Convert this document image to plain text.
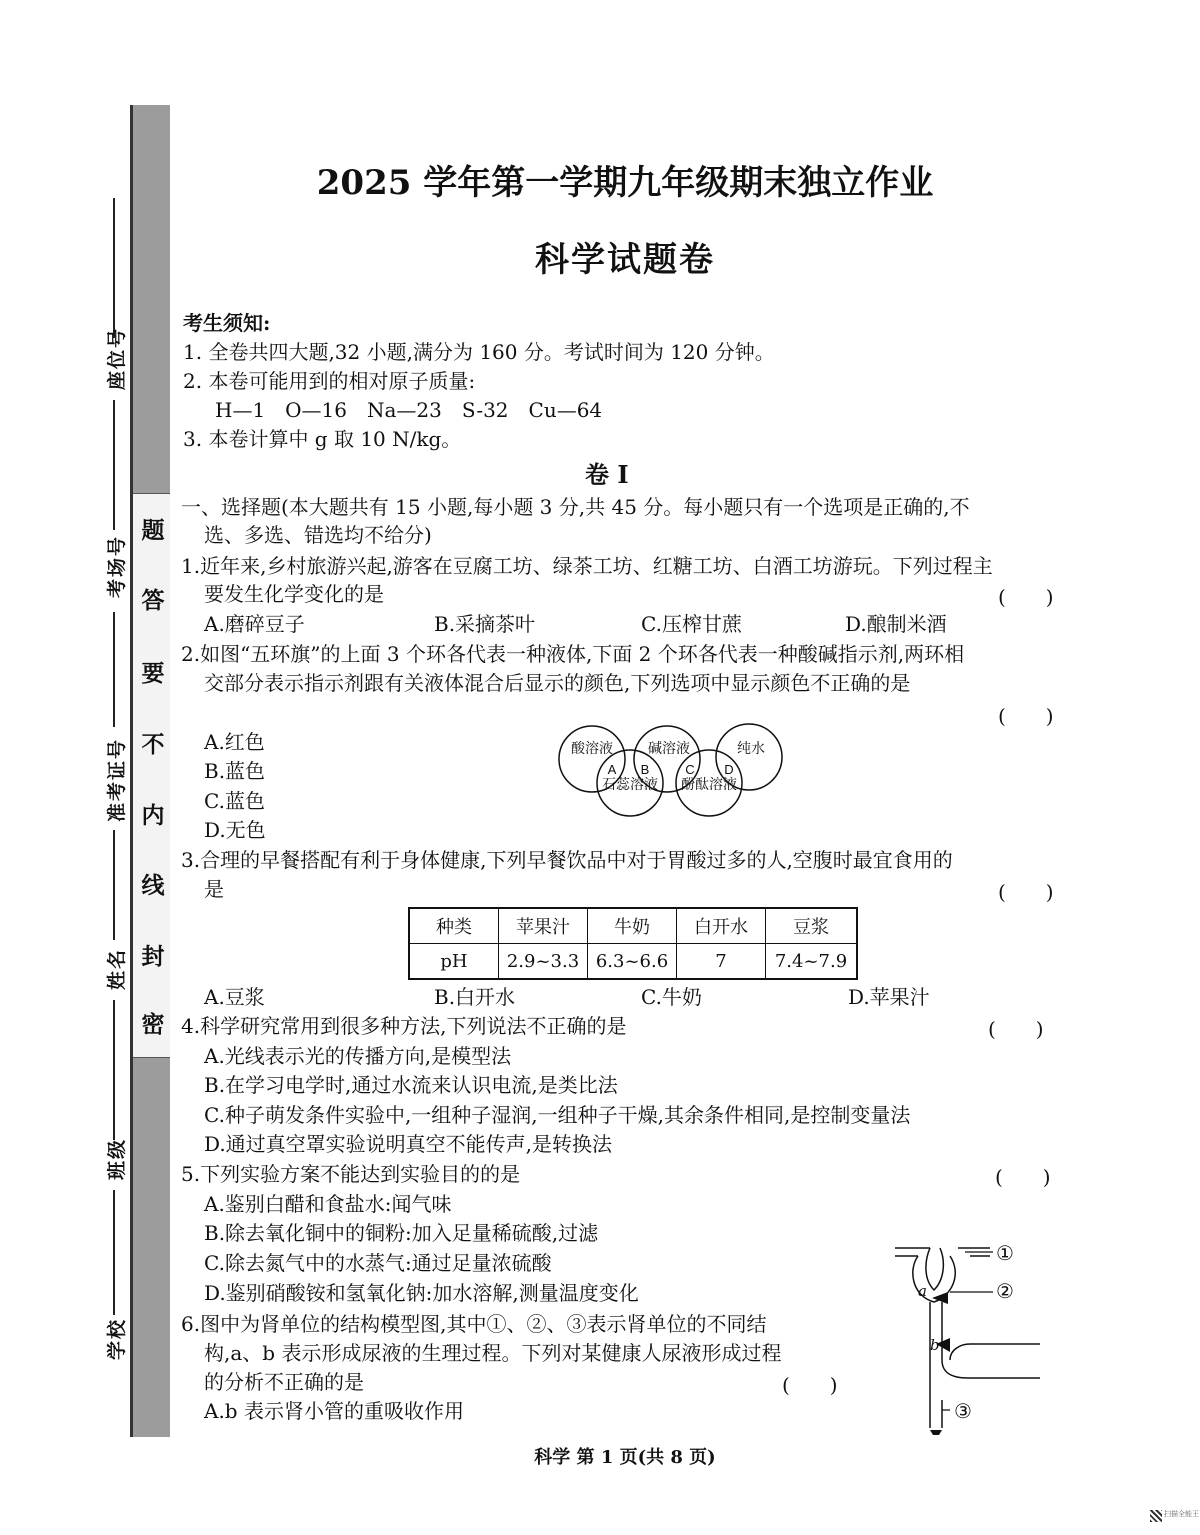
题
答
要
不
内
线
封
密
座位号
考场号
准考证号
姓名
班级
学校
2025 学年第一学期九年级期末独立作业
科学试题卷
考生须知:
1. 全卷共四大题,32 小题,满分为 160 分。考试时间为 120 分钟。
2. 本卷可能用到的相对原子质量:
H—1　O—16　Na—23　S-32　Cu—64
3. 本卷计算中 g 取 10 N/kg。
卷 I
一、选择题(本大题共有 15 小题,每小题 3 分,共 45 分。每小题只有一个选项是正确的,不
选、多选、错选均不给分)
1.近年来,乡村旅游兴起,游客在豆腐工坊、绿茶工坊、红糖工坊、白酒工坊游玩。下列过程主
要发生化学变化的是	(　　)
A.磨碎豆子	B.采摘茶叶	C.压榨甘蔗	D.酿制米酒
2.如图“五环旗”的上面 3 个环各代表一种液体,下面 2 个环各代表一种酸碱指示剂,两环相
交部分表示指示剂跟有关液体混合后显示的颜色,下列选项中显示颜色不正确的是
(　　)
A.红色
B.蓝色
C.蓝色
D.无色
酸溶液	碱溶液	纯水
石蕊溶液 酚酞溶液
A B	C D
3.合理的早餐搭配有利于身体健康,下列早餐饮品中对于胃酸过多的人,空腹时最宜食用的
是	(　　)
种类	苹果汁	牛奶	白开水	豆浆
pH	2.9~3.3	6.3~6.6	7	7.4~7.9
A.豆浆	B.白开水	C.牛奶	D.苹果汁
4.科学研究常用到很多种方法,下列说法不正确的是	(　　)
A.光线表示光的传播方向,是模型法
B.在学习电学时,通过水流来认识电流,是类比法
C.种子萌发条件实验中,一组种子湿润,一组种子干燥,其余条件相同,是控制变量法
D.通过真空罩实验说明真空不能传声,是转换法
5.下列实验方案不能达到实验目的的是	(　　)
A.鉴别白醋和食盐水:闻气味
B.除去氧化铜中的铜粉:加入足量稀硫酸,过滤
C.除去氮气中的水蒸气:通过足量浓硫酸
D.鉴别硝酸铵和氢氧化钠:加水溶解,测量温度变化
6.图中为肾单位的结构模型图,其中①、②、③表示肾单位的不同结
构,a、b 表示形成尿液的生理过程。下列对某健康人尿液形成过程
的分析不正确的是	(　　)
A.b 表示肾小管的重吸收作用
①
②
③
a
b
科学 第 1 页(共 8 页)
扫描全能王
